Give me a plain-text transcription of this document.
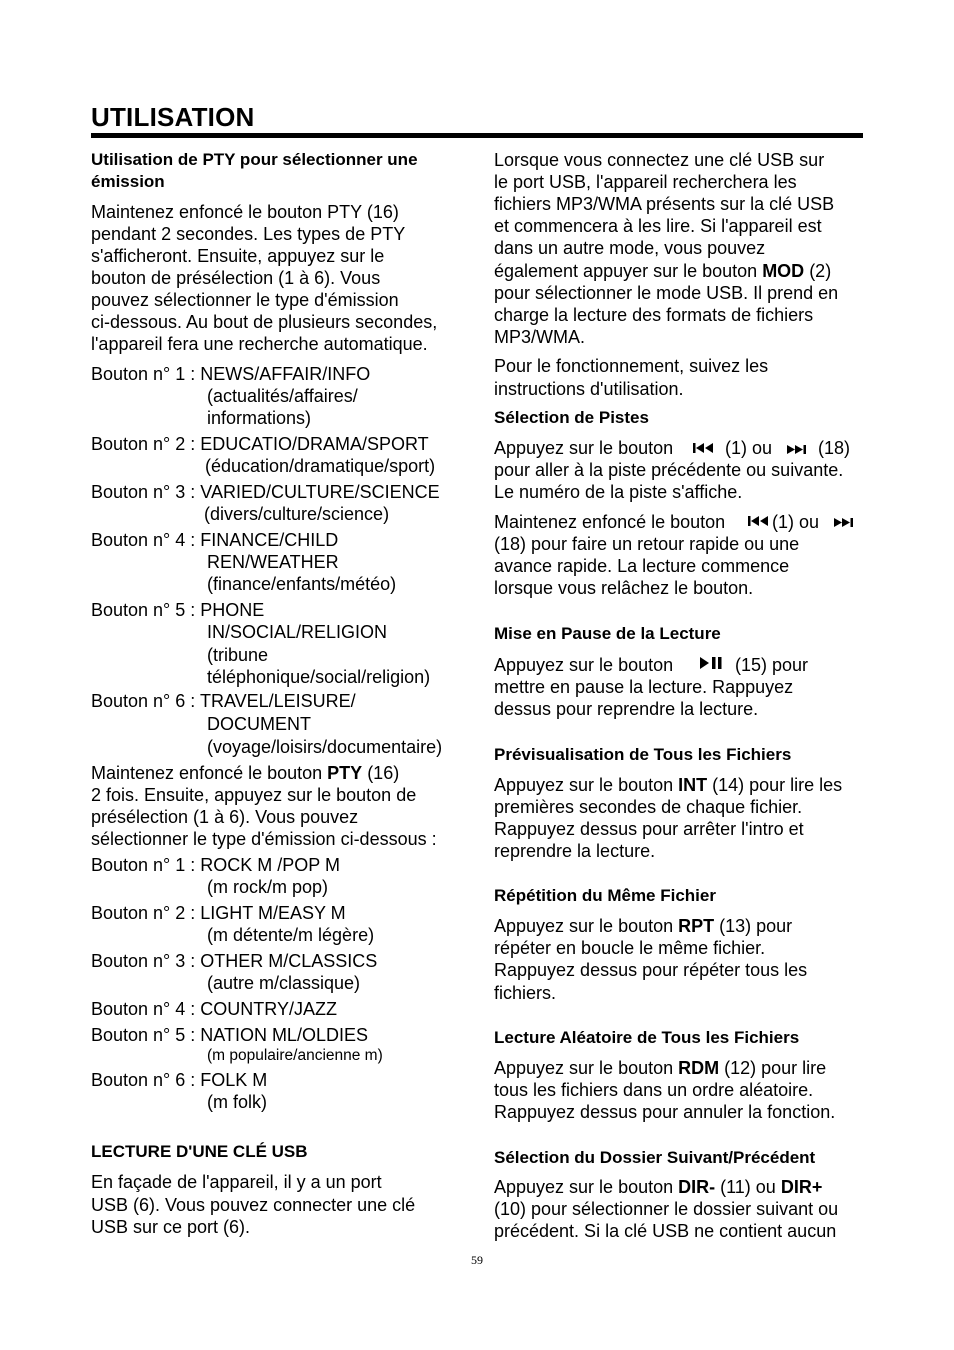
UTILISATION
Utilisation de PTY pour sélectionner une
émission
Maintenez enfoncé le bouton PTY (16)
pendant 2 secondes. Les types de PTY
s'afficheront. Ensuite, appuyez sur le
bouton de présélection (1 à 6). Vous
pouvez sélectionner le type d'émission
ci-dessous. Au bout de plusieurs secondes,
l'appareil fera une recherche automatique.
Bouton n° 1 : NEWS/AFFAIR/INFO
(actualités/affaires/
informations)
Bouton n° 2 : EDUCATIO/DRAMA/SPORT
(éducation/dramatique/sport)
Bouton n° 3 : VARIED/CULTURE/SCIENCE
(divers/culture/science)
Bouton n° 4 : FINANCE/CHILD
REN/WEATHER
(finance/enfants/météo)
Bouton n° 5 : PHONE
IN/SOCIAL/RELIGION
(tribune
téléphonique/social/religion)
Bouton n° 6 : TRAVEL/LEISURE/
DOCUMENT
(voyage/loisirs/documentaire)
Maintenez enfoncé le bouton PTY (16)
2 fois. Ensuite, appuyez sur le bouton de
présélection (1 à 6). Vous pouvez
sélectionner le type d'émission ci-dessous :
Bouton n° 1 : ROCK M /POP M
(m rock/m pop)
Bouton n° 2 : LIGHT M/EASY M
(m détente/m légère)
Bouton n° 3 : OTHER M/CLASSICS
(autre m/classique)
Bouton n° 4 : COUNTRY/JAZZ
Bouton n° 5 : NATION ML/OLDIES
(m populaire/ancienne m)
Bouton n° 6 : FOLK M
(m folk)
LECTURE D'UNE CLÉ USB
En façade de l'appareil, il y a un port
USB (6). Vous pouvez connecter une clé
USB sur ce port (6).
Lorsque vous connectez une clé USB sur
le port USB, l'appareil recherchera les
fichiers MP3/WMA présents sur la clé USB
et commencera à les lire. Si l'appareil est
dans un autre mode, vous pouvez
également appuyer sur le bouton MOD (2)
pour sélectionner le mode USB. Il prend en
charge la lecture des formats de fichiers
MP3/WMA.
Pour le fonctionnement, suivez les
instructions d'utilisation.
Sélection de Pistes
Appuyez sur le bouton	(1) ou	(18)
pour aller à la piste précédente ou suivante.
Le numéro de la piste s'affiche.
Maintenez enfoncé le bouton	(1) ou
(18) pour faire un retour rapide ou une
avance rapide. La lecture commence
lorsque vous relâchez le bouton.
Mise en Pause de la Lecture
Appuyez sur le bouton	(15) pour
mettre en pause la lecture. Rappuyez
dessus pour reprendre la lecture.
Prévisualisation de Tous les Fichiers
Appuyez sur le bouton INT (14) pour lire les
premières secondes de chaque fichier.
Rappuyez dessus pour arrêter l'intro et
reprendre la lecture.
Répétition du Même Fichier
Appuyez sur le bouton RPT (13) pour
répéter en boucle le même fichier.
Rappuyez dessus pour répéter tous les
fichiers.
Lecture Aléatoire de Tous les Fichiers
Appuyez sur le bouton RDM (12) pour lire
tous les fichiers dans un ordre aléatoire.
Rappuyez dessus pour annuler la fonction.
Sélection du Dossier Suivant/Précédent
Appuyez sur le bouton DIR- (11) ou DIR+
(10) pour sélectionner le dossier suivant ou
précédent. Si la clé USB ne contient aucun
59
